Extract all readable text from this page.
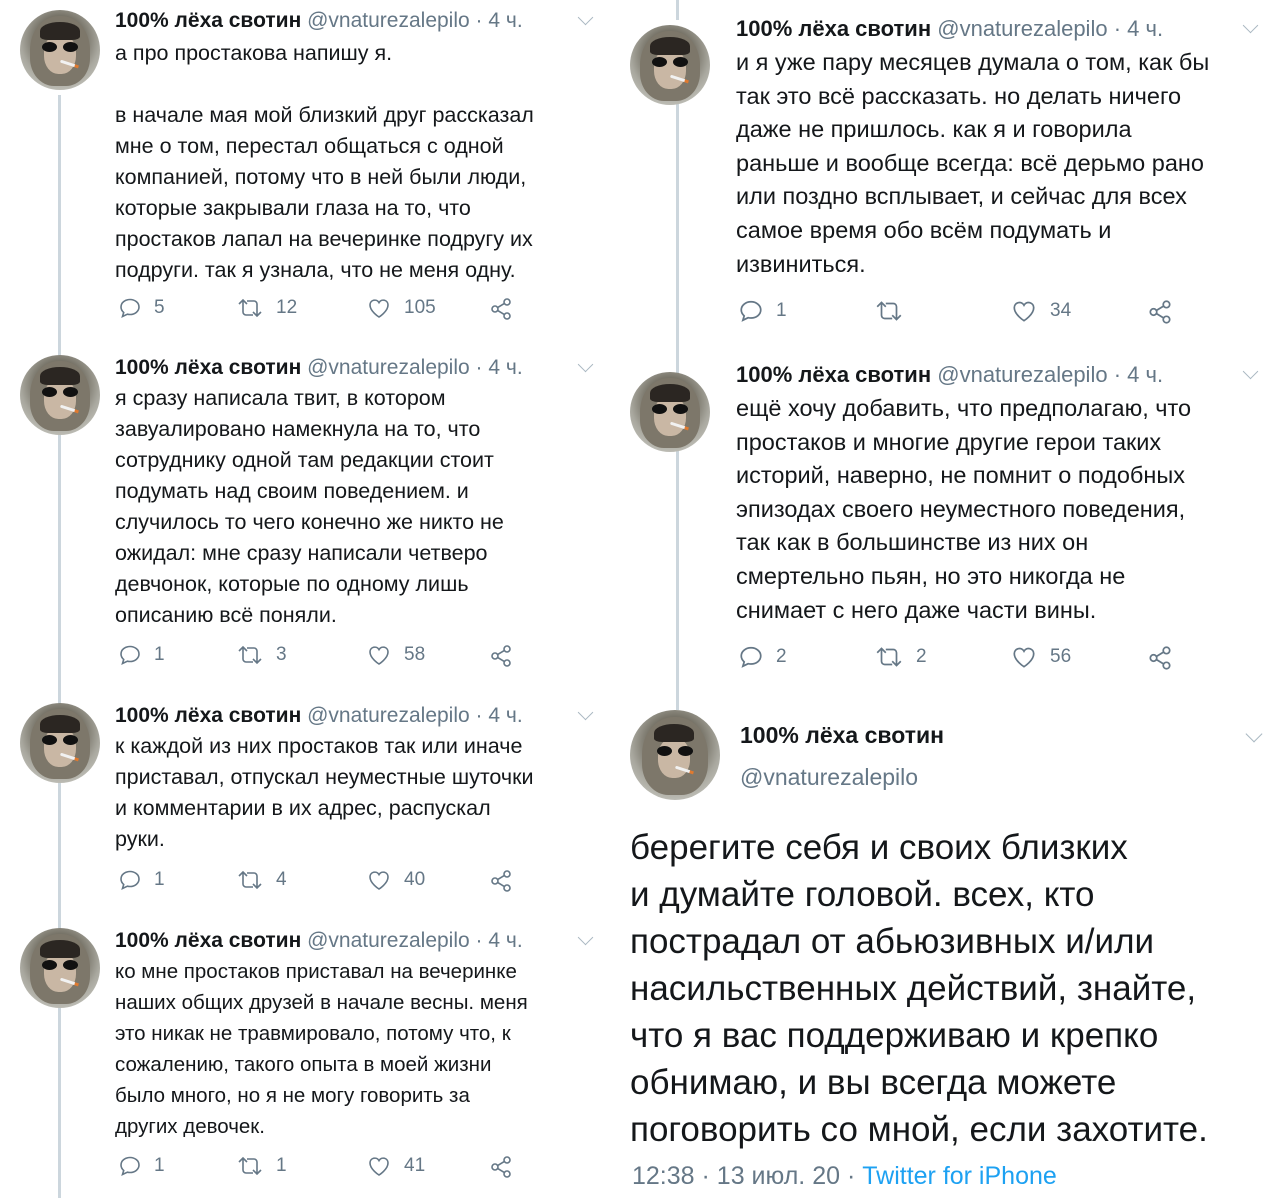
100% лёха свотин @vnaturezalepilo · 4 ч.
а про простакова напишу я.

в начале мая мой близкий друг рассказал
мне о том, перестал общаться с одной
компанией, потому что в ней были люди,
которые закрывали глаза на то, что
простаков лапал на вечеринке подругу их
подруги. так я узнала, что не меня одну.
5	12	105
100% лёха свотин @vnaturezalepilo · 4 ч.
я сразу написала твит, в котором
завуалировано намекнула на то, что
сотруднику одной там редакции стоит
подумать над своим поведением. и
случилось то чего конечно же никто не
ожидал: мне сразу написали четверо
девчонок, которые по одному лишь
описанию всё поняли.
1	3	58
100% лёха свотин @vnaturezalepilo · 4 ч.
к каждой из них простаков так или иначе
приставал, отпускал неуместные шуточки
и комментарии в их адрес, распускал
руки.
1	4	40
100% лёха свотин @vnaturezalepilo · 4 ч.
ко мне простаков приставал на вечеринке
наших общих друзей в начале весны. меня
это никак не травмировало, потому что, к
сожалению, такого опыта в моей жизни
было много, но я не могу говорить за
других девочек.
1	1	41
100% лёха свотин @vnaturezalepilo · 4 ч.
и я уже пару месяцев думала о том, как бы
так это всё рассказать. но делать ничего
даже не пришлось. как я и говорила
раньше и вообще всегда: всё дерьмо рано
или поздно всплывает, и сейчас для всех
самое время обо всём подумать и
извиниться.
1	34
100% лёха свотин @vnaturezalepilo · 4 ч.
ещё хочу добавить, что предполагаю, что
простаков и многие другие герои таких
историй, наверно, не помнит о подобных
эпизодах своего неуместного поведения,
так как в большинстве из них он
смертельно пьян, но это никогда не
снимает с него даже части вины.
2	2	56
100% лёха свотин
@vnaturezalepilo
берегите себя и своих близких
и думайте головой. всех, кто
пострадал от абьюзивных и/или
насильственных действий, знайте,
что я вас поддерживаю и крепко
обнимаю, и вы всегда можете
поговорить со мной, если захотите.
12:38 · 13 июл. 20 · Twitter for iPhone
